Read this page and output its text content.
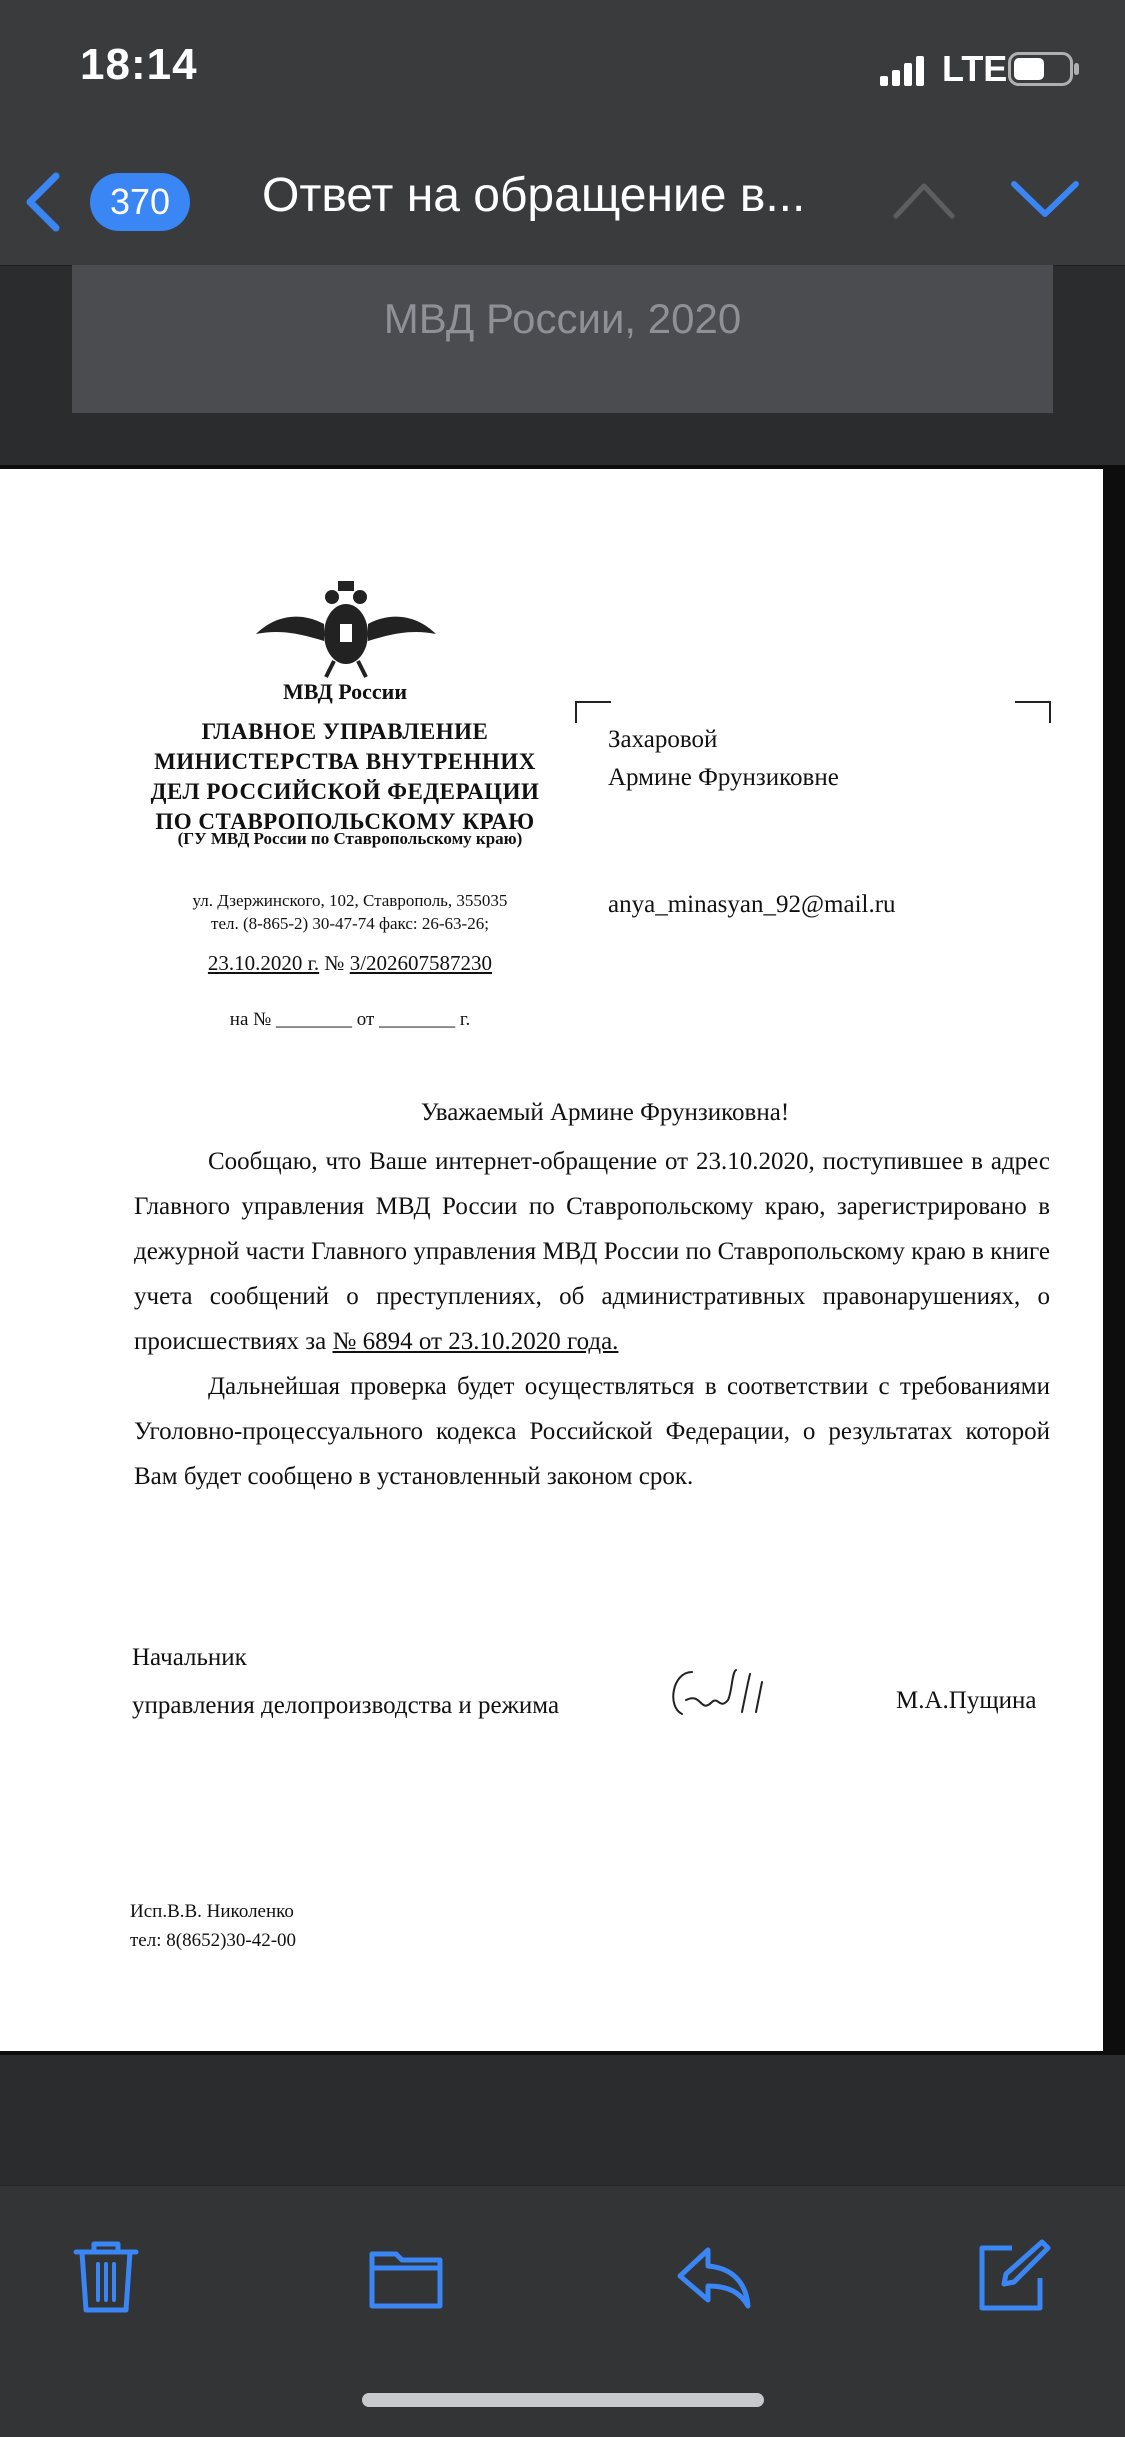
18:14	LTE
370	Ответ на обращение в...
МВД России, 2020
МВД России
ГЛАВНОЕ УПРАВЛЕНИЕ
МИНИСТЕРСТВА ВНУТРЕННИХ
ДЕЛ РОССИЙСКОЙ ФЕДЕРАЦИИ
ПО СТАВРОПОЛЬСКОМУ КРАЮ
(ГУ МВД России по Ставропольскому краю)
ул. Дзержинского, 102, Ставрополь, 355035
тел. (8-865-2) 30-47-74 факс: 26-63-26;
23.10.2020 г. № 3/202607587230
на № ________ от ________ г.
Захаровой
Армине Фрунзиковне
anya_minasyan_92@mail.ru
Уважаемый Армине Фрунзиковна!

Сообщаю, что Ваше интернет-обращение от 23.10.2020, поступившее в адрес Главного управления МВД России по Ставропольскому краю, зарегистрировано в дежурной части Главного управления МВД России по Ставропольскому краю в книге учета сообщений о преступлениях, об административных правонарушениях, о происшествиях за № 6894 от 23.10.2020 года.

Дальнейшая проверка будет осуществляться в соответствии с требованиями Уголовно-процессуального кодекса Российской Федерации, о результатах которой Вам будет сообщено в установленный законом срок.

Начальник
управления делопроизводства и режима	М.А.Пущина
Исп.В.В. Николенко
тел: 8(8652)30-42-00
